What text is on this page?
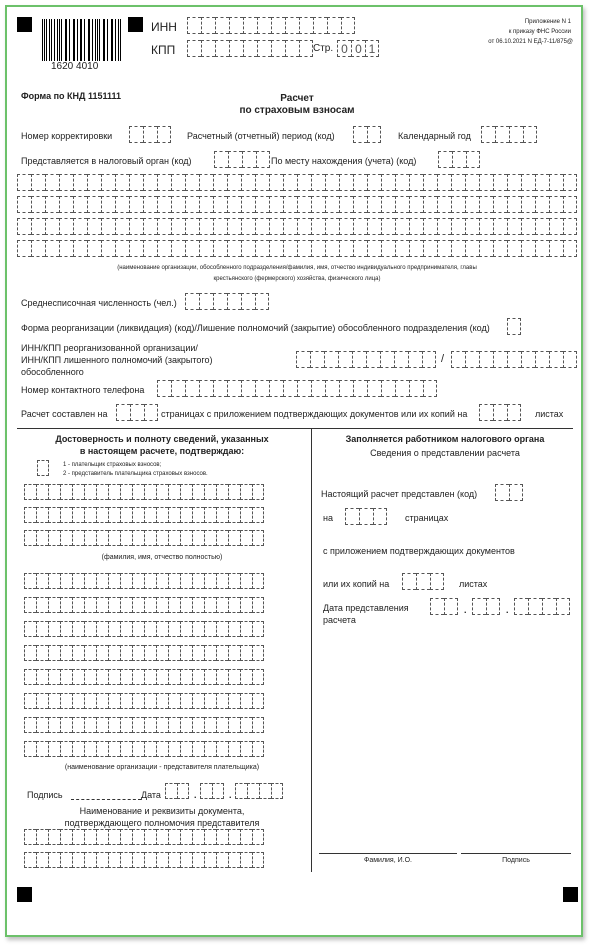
1620 4010
ИНН
КПП	Стр. 0 0 1
Приложение N 1
к приказу ФНС России
от 06.10.2021 N ЕД-7-11/875@
Форма по КНД 1151111	Расчет
по страховым взносам
Номер корректировки	Расчетный (отчетный) период (код)	Календарный год
Представляется в налоговый орган (код)	По месту нахождения (учета) (код)
(наименование организации, обособленного подразделения/фамилия, имя, отчество индивидуального предпринимателя, главы
крестьянского (фермерского) хозяйства, физического лица)
Среднесписочная численность (чел.)
Форма реорганизации (ликвидация) (код)/Лишение полномочий (закрытие) обособленного подразделения (код)
ИНН/КПП реорганизованной организации/
ИНН/КПП лишенного полномочий (закрытого)
обособленного
/
Номер контактного телефона
Расчет составлен на	страницах с приложением подтверждающих документов или их копий на	листах
Достоверность и полноту сведений, указанных
в настоящем расчете, подтверждаю:
1 - плательщик страховых взносов;
2 - представитель плательщика страховых взносов.
(фамилия, имя, отчество полностью)
(наименование организации - представителя плательщика)
Подпись	Дата	.	.
Наименование и реквизиты документа,
подтверждающего полномочия представителя
Заполняется работником налогового органа
Сведения о представлении расчета
Настоящий расчет представлен (код)
на	страницах
с приложением подтверждающих документов
или их копий на	листах
Дата представления
расчета
.	.
Фамилия, И.О.	Подпись
